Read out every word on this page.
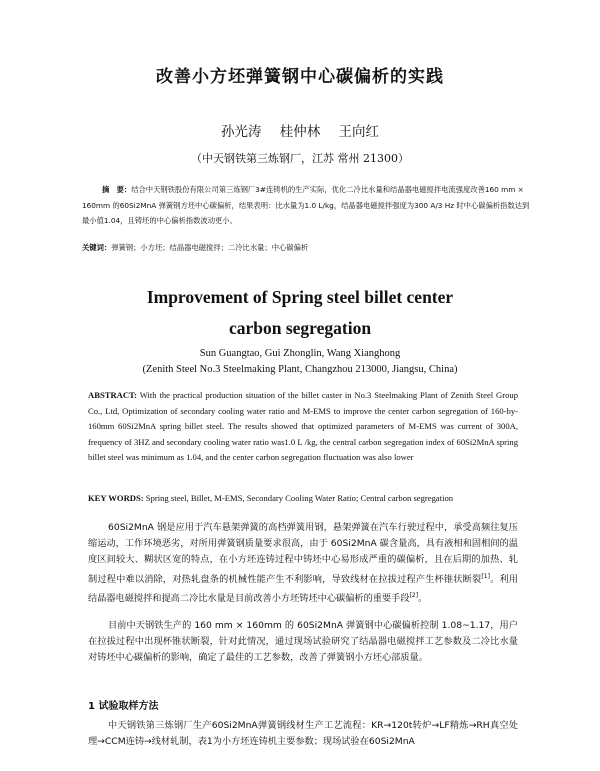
改善小方坯弹簧钢中心碳偏析的实践
孙光涛 桂仲林 王向红
（中天钢铁第三炼钢厂，江苏 常州 21300）
摘　要：结合中天钢铁股份有限公司第三炼钢厂3#连铸机的生产实际，优化二冷比水量和结晶器电磁搅拌电流强度改善160 mm × 160mm 的60Si2MnA 弹簧钢方坯中心碳偏析，结果表明：比水量为1.0 L/kg，结晶器电磁搅拌强度为300 A/3 Hz 时中心碳偏析指数达到最小值1.04，且铸坯的中心偏析指数波动更小。
关键词：弹簧钢；小方坯；结晶器电磁搅拌；二冷比水量；中心碳偏析
Improvement of Spring steel billet center
carbon segregation
Sun Guangtao, Gui Zhonglin, Wang Xianghong
(Zenith Steel No.3 Steelmaking Plant, Changzhou 213000, Jiangsu, China)
ABSTRACT: With the practical production situation of the billet caster in No.3 Steelmaking Plant of Zenith Steel Group Co., Ltd, Optimization of secondary cooling water ratio and M-EMS to improve the center carbon segregation of 160-by-160mm 60Si2MnA spring billet steel. The results showed that optimized parameters of M-EMS was current of 300A, frequency of 3HZ and secondary cooling water ratio was1.0 L /kg, the central carbon segregation index of 60Si2MnA spring billet steel was minimum as 1.04, and the center carbon segregation fluctuation was also lower
KEY WORDS: Spring steel, Billet, M-EMS, Secondary Cooling Water Ratio; Central carbon segregation
60Si2MnA 钢是应用于汽车悬架弹簧的高档弹簧用钢，悬架弹簧在汽车行驶过程中，承受高频往复压缩运动，工作环境恶劣，对所用弹簧钢质量要求很高，由于 60Si2MnA 碳含量高，具有液相和固相间的温度区间较大、糊状区宽的特点，在小方坯连铸过程中铸坯中心易形成严重的碳偏析，且在后期的加热、轧制过程中难以消除，对热轧盘条的机械性能产生不利影响，导致线材在拉拔过程产生杯锥状断裂[1]。利用结晶器电磁搅拌和提高二冷比水量是目前改善小方坯铸坯中心碳偏析的重要手段[2]。
目前中天钢铁生产的 160 mm × 160mm 的 60Si2MnA 弹簧钢中心碳偏析控制 1.08~1.17，用户在拉拔过程中出现杯锥状断裂，针对此情况，通过现场试验研究了结晶器电磁搅拌工艺参数及二冷比水量对铸坯中心碳偏析的影响，确定了最佳的工艺参数，改善了弹簧钢小方坯心部质量。
1 试验取样方法
中天钢铁第三炼钢厂生产60Si2MnA弹簧钢线材生产工艺流程：KR→120t转炉→LF精炼→RH真空处理→CCM连铸→线材轧制，表1为小方坯连铸机主要参数；现场试验在60Si2MnA
